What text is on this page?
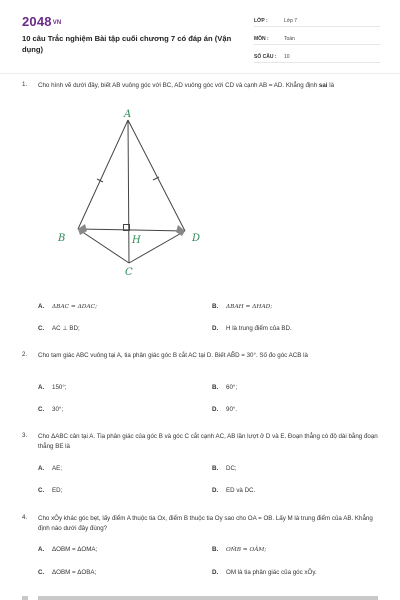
2048VN
10 câu Trắc nghiệm Bài tập cuối chương 7 có đáp án (Vận dụng)
LỚP :	Lớp 7
MÔN :	Toán
SỐ CÂU :	10
1. Cho hình vẽ dưới đây, biết AB vuông góc với BC, AD vuông góc với CD và cạnh AB = AD. Khẳng định sai là
A. ΔBAC = ΔDAC;	B. ΔBAH = ΔHAD;
C. AC ⊥ BD;	D. H là trung điểm của BD.
A
B	H	D
C
2. Cho tam giác ABC vuông tại A, tia phân giác góc B cắt AC tại D. Biết AB̂D = 30°. Số đo góc ACB là
A. 150°;	B. 60°;
C. 30°;	D. 90°.
3. Cho ΔABC cân tại A. Tia phân giác của góc B và góc C cắt cạnh AC, AB lần lượt ở D và E. Đoạn thẳng có độ dài bằng đoạn thẳng BE là
A. AE;	B. DC;
C. ED;	D. ED và DC.
4. Cho xÔy khác góc bẹt, lấy điểm A thuộc tia Ox, điểm B thuộc tia Oy sao cho OA = OB. Lấy M là trung điểm của AB. Khẳng định nào dưới đây đúng?
A. ΔOBM = ΔOMA;	B. OM̂B = OÂM;
C. ΔOBM = ΔOBA;	D. OM là tia phân giác của góc xÔy.
